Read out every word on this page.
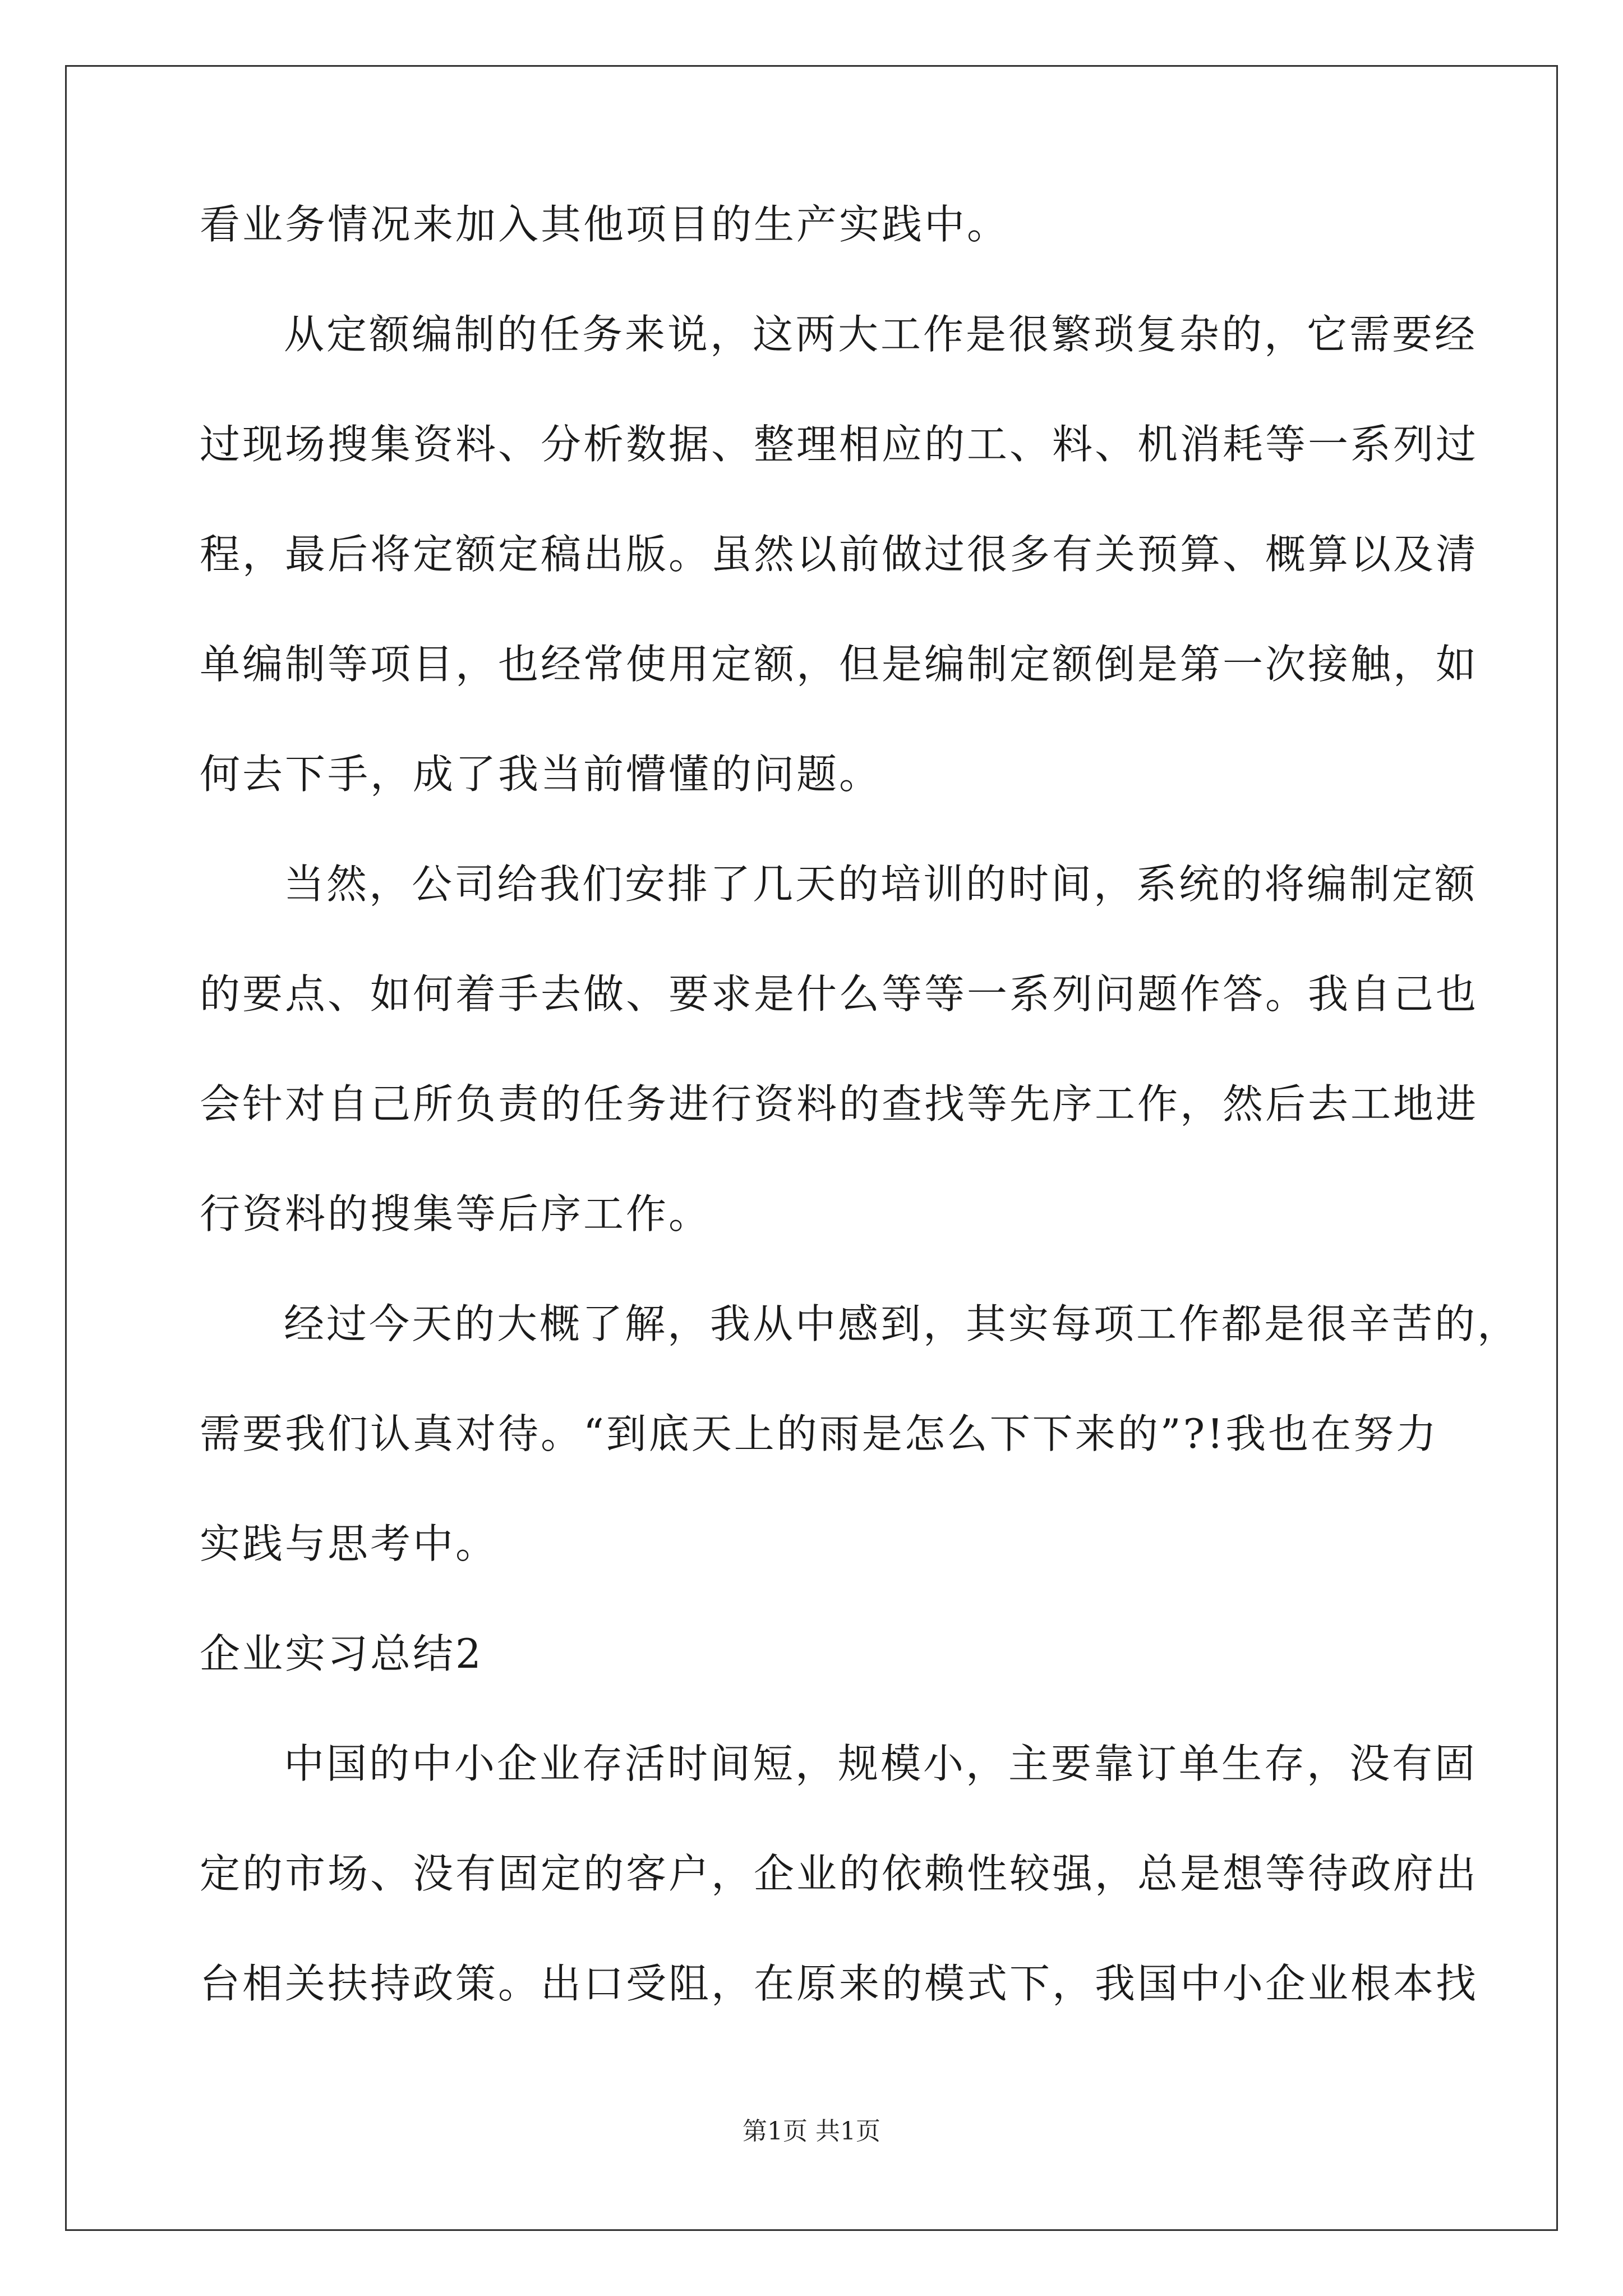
看业务情况来加入其他项目的生产实践中。
从定额编制的任务来说，这两大工作是很繁琐复杂的，它需要经
过现场搜集资料、分析数据、整理相应的工、料、机消耗等一系列过
程，最后将定额定稿出版。虽然以前做过很多有关预算、概算以及清
单编制等项目，也经常使用定额，但是编制定额倒是第一次接触，如
何去下手，成了我当前懵懂的问题。
当然，公司给我们安排了几天的培训的时间，系统的将编制定额
的要点、如何着手去做、要求是什么等等一系列问题作答。我自己也
会针对自己所负责的任务进行资料的查找等先序工作，然后去工地进
行资料的搜集等后序工作。
经过今天的大概了解，我从中感到，其实每项工作都是很辛苦的，
需要我们认真对待。“到底天上的雨是怎么下下来的”?!我也在努力
实践与思考中。
企业实习总结2
中国的中小企业存活时间短，规模小，主要靠订单生存，没有固
定的市场、没有固定的客户，企业的依赖性较强，总是想等待政府出
台相关扶持政策。出口受阻，在原来的模式下，我国中小企业根本找
第1页 共1页
